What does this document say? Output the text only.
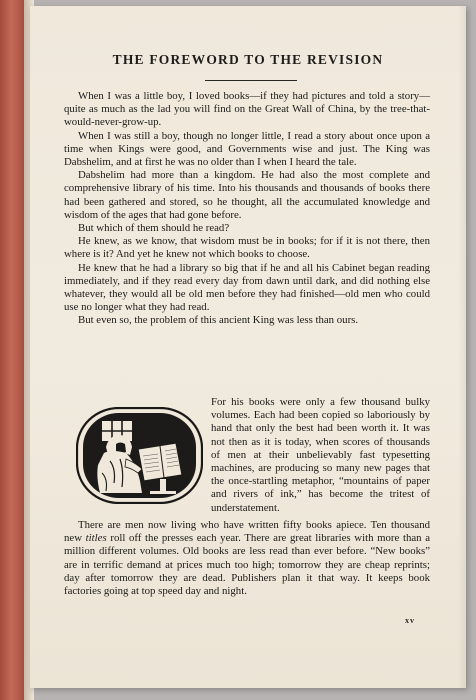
THE FOREWORD TO THE REVISION

When I was a little boy, I loved books—if they had pictures and told a story—quite as much as the lad you will find on the Great Wall of China, by the tree-that-would-never-grow-up.

When I was still a boy, though no longer little, I read a story about once upon a time when Kings were good, and Governments wise and just. The King was Dabshelim, and at first he was no older than I when I heard the tale.

Dabshelim had more than a kingdom. He had also the most complete and comprehensive library of his time. Into his thousands and thousands of books there had been gathered and stored, so he thought, all the accumulated knowledge and wisdom of the ages that had gone before.

But which of them should he read?

He knew, as we know, that wisdom must be in books; for if it is not there, then where is it? And yet he knew not which books to choose.

He knew that he had a library so big that if he and all his Cabinet began reading immediately, and if they read every day from dawn until dark, and did nothing else whatever, they would all be old men before they had finished—old men who could use no longer what they had read.

But even so, the problem of this ancient King was less than ours.

For his books were only a few thousand bulky volumes. Each had been copied so laboriously by hand that only the best had been worth it. It was not then as it is today, when scores of thousands of men at their unbelievably fast typesetting machines, are producing so many new pages that the once-startling metaphor, “mountains of paper and rivers of ink,” has become the tritest of understatement.

There are men now living who have written fifty books apiece. Ten thousand new titles roll off the presses each year. There are great libraries with more than a million different volumes. Old books are less read than ever before. “New books” are in terrific demand at prices much too high; tomorrow they are cheap reprints; day after tomorrow they are dead. Publishers plan it that way. It keeps book factories going at top speed day and night.

xv
